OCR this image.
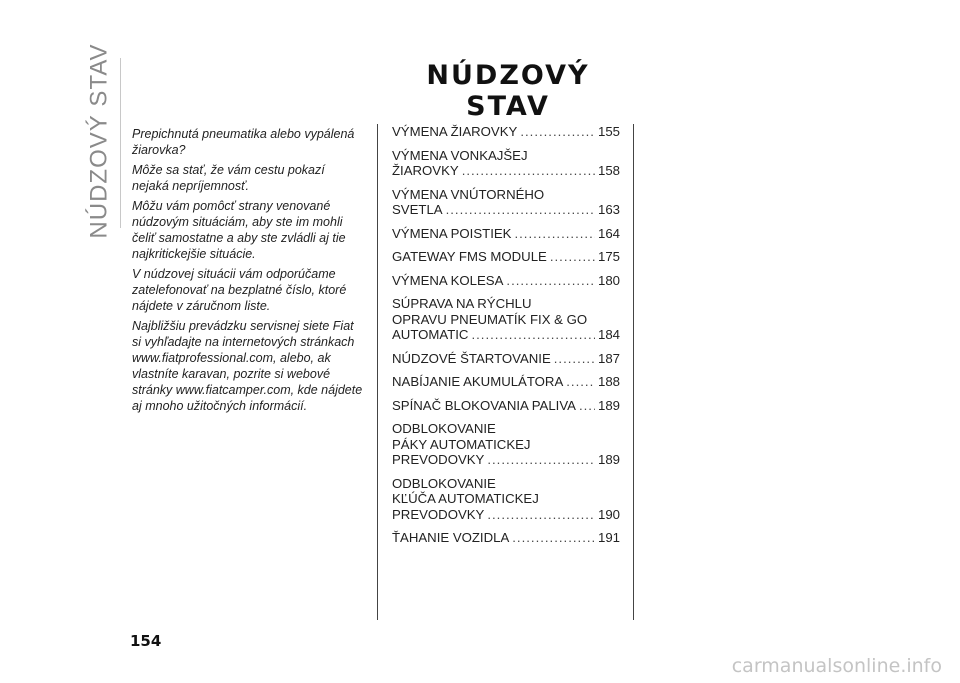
NÚDZOVÝ STAV	NÚDZOVÝ STAV

Prepichnutá pneumatika alebo vypálená žiarovka?

Môže sa stať, že vám cestu pokazí nejaká nepríjemnosť.

Môžu vám pomôcť strany venované núdzovým situáciám, aby ste im mohli čeliť samostatne a aby ste zvládli aj tie najkritickejšie situácie.

V núdzovej situácii vám odporúčame zatelefonovať na bezplatné číslo, ktoré nájdete v záručnom liste.

Najbližšiu prevádzku servisnej siete Fiat si vyhľadajte na internetových stránkach www.fiatprofessional.com, alebo, ak vlastníte karavan, pozrite si webové stránky www.fiatcamper.com, kde nájdete aj mnoho užitočných informácií.

VÝMENA ŽIAROVKY .....	155
VÝMENA VONKAJŠEJ
ŽIAROVKY .....	158
VÝMENA VNÚTORNÉHO
SVETLA .....	163
VÝMENA POISTIEK .....	164
GATEWAY FMS MODULE .....	175
VÝMENA KOLESA .....	180
SÚPRAVA NA RÝCHLU
OPRAVU PNEUMATÍK FIX & GO
AUTOMATIC .....	184
NÚDZOVÉ ŠTARTOVANIE .....	187
NABÍJANIE AKUMULÁTORA .....	188
SPÍNAČ BLOKOVANIA PALIVA ..... 189
ODBLOKOVANIE
PÁKY AUTOMATICKEJ
PREVODOVKY .....	189
ODBLOKOVANIE
KĽÚČA AUTOMATICKEJ
PREVODOVKY .....	190
ŤAHANIE VOZIDLA .....	191
154
carmanualsonline.info
